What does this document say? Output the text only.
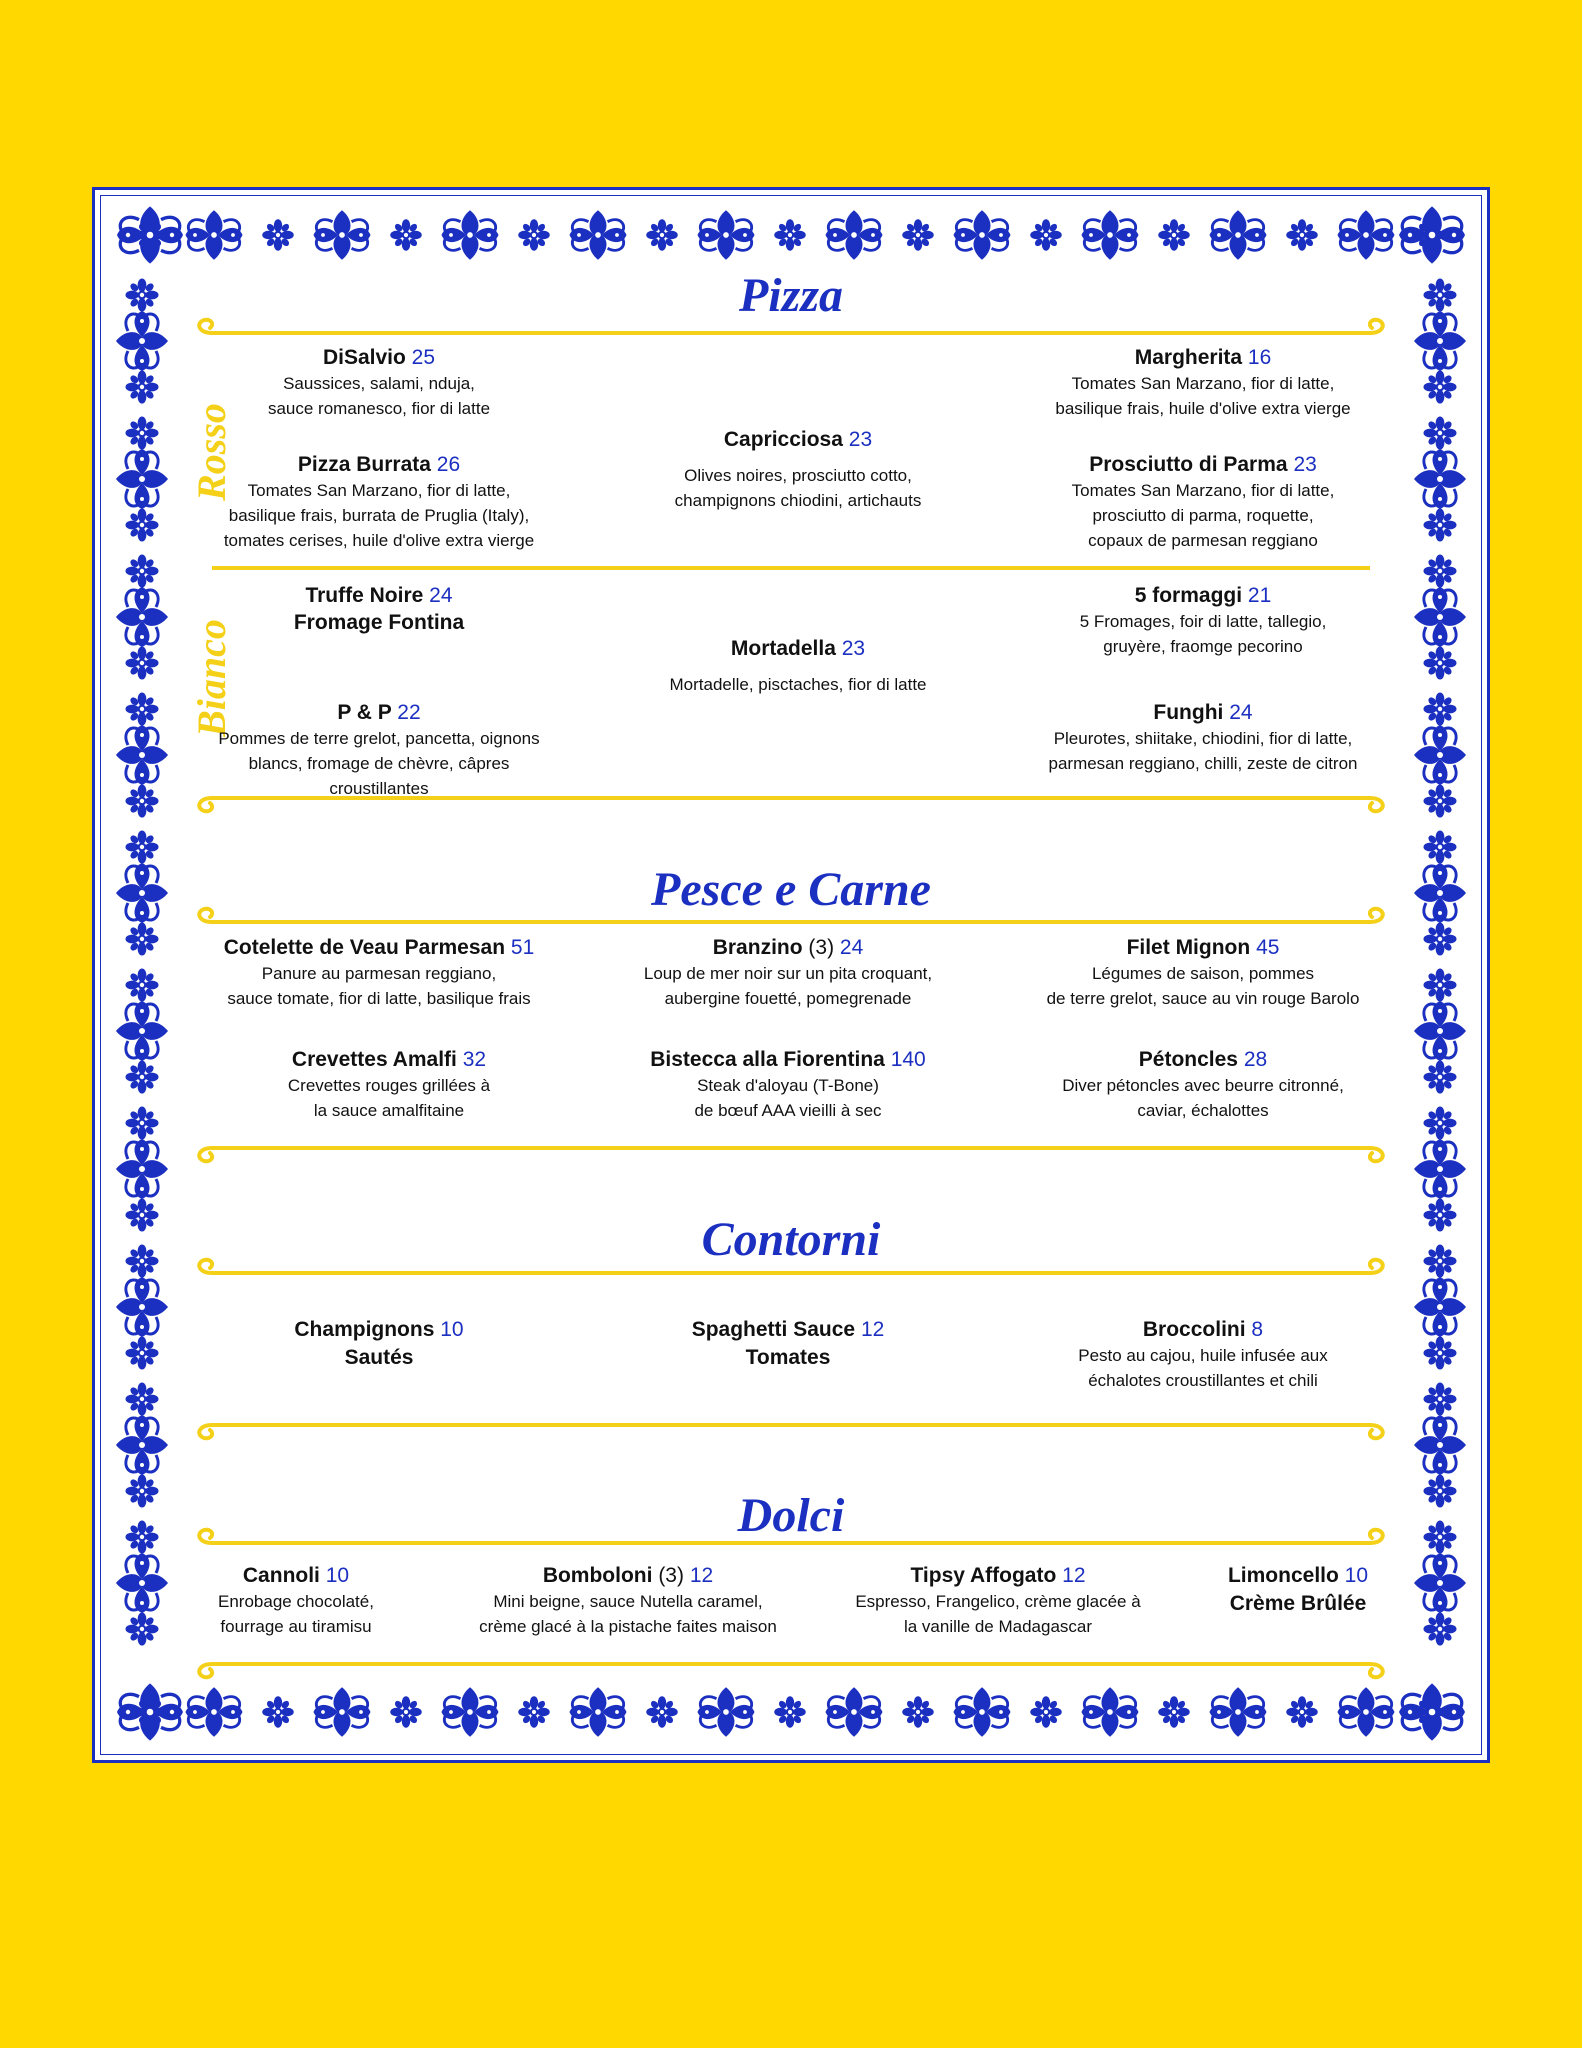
Pizza
Rosso
Bianco
DiSalvio 25
Saussices, salami, nduja,
sauce romanesco, fior di latte
Capricciosa 23
Olives noires, prosciutto cotto,
champignons chiodini, artichauts
Margherita 16
Tomates San Marzano, fior di latte,
basilique frais, huile d'olive extra vierge
Pizza Burrata 26
Tomates San Marzano, fior di latte,
basilique frais, burrata de Pruglia (Italy),
tomates cerises, huile d'olive extra vierge
Prosciutto di Parma 23
Tomates San Marzano, fior di latte,
prosciutto di parma, roquette,
copaux de parmesan reggiano
Truffe Noire 24
Fromage Fontina
Mortadella 23
Mortadelle, pisctaches, fior di latte
5 formaggi 21
5 Fromages, foir di latte, tallegio,
gruyère, fraomge pecorino
P & P 22
Pommes de terre grelot, pancetta, oignons
blancs, fromage de chèvre, câpres croustillantes
Funghi 24
Pleurotes, shiitake, chiodini, fior di latte,
parmesan reggiano, chilli, zeste de citron
Pesce e Carne
Cotelette de Veau Parmesan 51
Panure au parmesan reggiano,
sauce tomate, fior di latte, basilique frais
Branzino (3) 24
Loup de mer noir sur un pita croquant,
aubergine fouetté, pomegrenade
Filet Mignon 45
Légumes de saison, pommes
de terre grelot, sauce au vin rouge Barolo
Crevettes Amalfi 32
Crevettes rouges grillées à
la sauce amalfitaine
Bistecca alla Fiorentina 140
Steak d'aloyau (T-Bone)
de bœuf AAA vieilli à sec
Pétoncles 28
Diver pétoncles avec beurre citronné,
caviar, échalottes
Contorni
Champignons 10
Sautés
Spaghetti Sauce 12
Tomates
Broccolini 8
Pesto au cajou, huile infusée aux
échalotes croustillantes et chili
Dolci
Cannoli 10
Enrobage chocolaté,
fourrage au tiramisu
Bomboloni (3) 12
Mini beigne, sauce Nutella caramel,
crème glacé à la pistache faites maison
Tipsy Affogato 12
Espresso, Frangelico, crème glacée à
la vanille de Madagascar
Limoncello 10
Crème Brûlée
